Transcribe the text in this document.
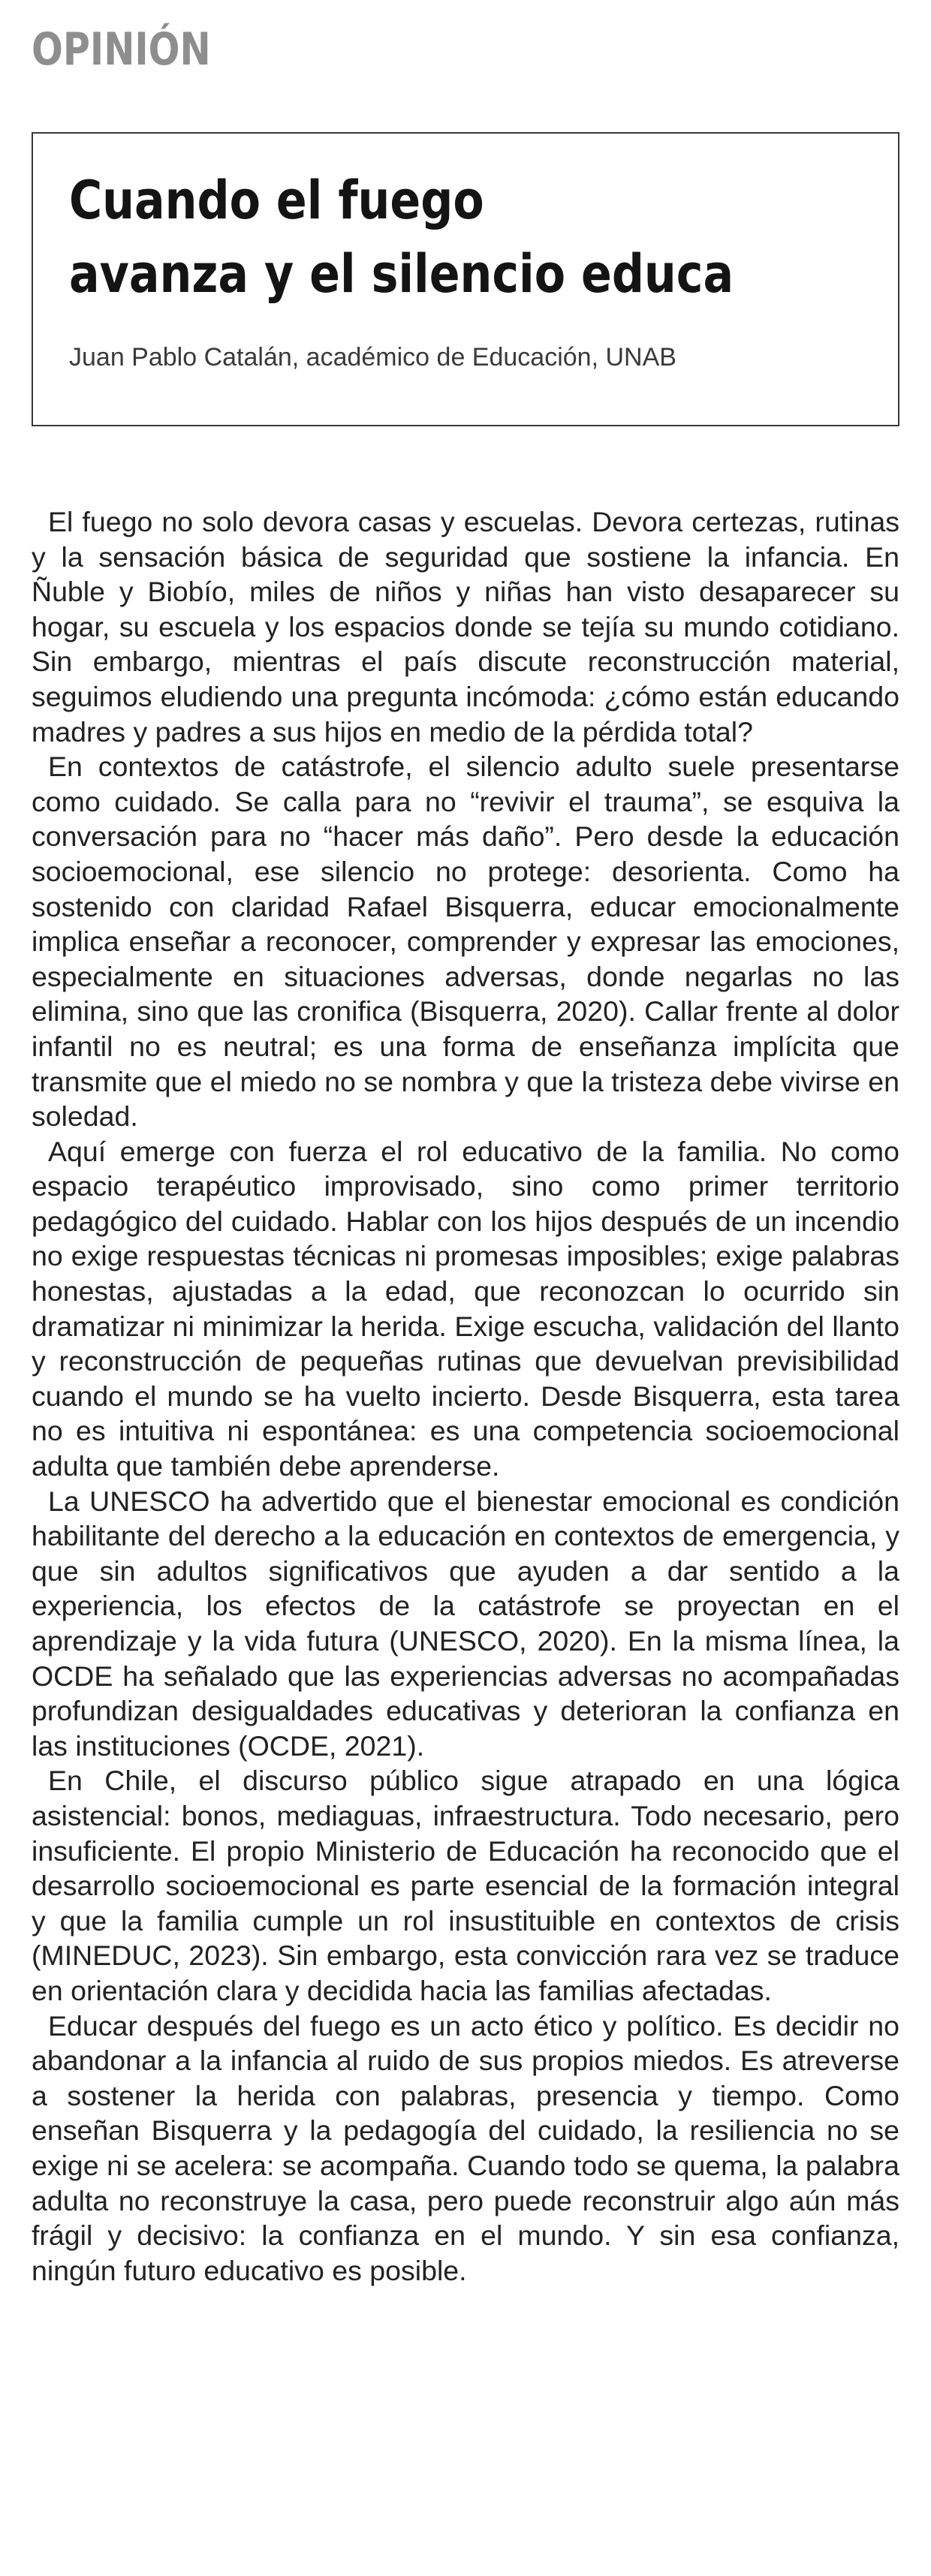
OPINIÓN
Cuando el fuego
avanza y el silencio educa

Juan Pablo Catalán, académico de Educación, UNAB

El fuego no solo devora casas y escuelas. Devora certezas, rutinas y la sensación básica de seguridad que sostiene la infancia. En Ñuble y Biobío, miles de niños y niñas han visto desaparecer su hogar, su escuela y los espacios donde se tejía su mundo cotidiano. Sin embargo, mientras el país discute reconstrucción material, seguimos eludiendo una pregunta incómoda: ¿cómo están educando madres y padres a sus hijos en medio de la pérdida total?

En contextos de catástrofe, el silencio adulto suele presentarse como cuidado. Se calla para no “revivir el trauma”, se esquiva la conversación para no “hacer más daño”. Pero desde la educación socioemocional, ese silencio no protege: desorienta. Como ha sostenido con claridad Rafael Bisquerra, educar emocionalmente implica enseñar a reconocer, comprender y expresar las emociones, especialmente en situaciones adversas, donde negarlas no las elimina, sino que las cronifica (Bisquerra, 2020). Callar frente al dolor infantil no es neutral; es una forma de enseñanza implícita que transmite que el miedo no se nombra y que la tristeza debe vivirse en soledad.

Aquí emerge con fuerza el rol educativo de la familia. No como espacio terapéutico improvisado, sino como primer territorio pedagógico del cuidado. Hablar con los hijos después de un incendio no exige respuestas técnicas ni promesas imposibles; exige palabras honestas, ajustadas a la edad, que reconozcan lo ocurrido sin dramatizar ni minimizar la herida. Exige escucha, validación del llanto y reconstrucción de pequeñas rutinas que devuelvan previsibilidad cuando el mundo se ha vuelto incierto. Desde Bisquerra, esta tarea no es intuitiva ni espontánea: es una competencia socioemocional adulta que también debe aprenderse.

La UNESCO ha advertido que el bienestar emocional es condición habilitante del derecho a la educación en contextos de emergencia, y que sin adultos significativos que ayuden a dar sentido a la experiencia, los efectos de la catástrofe se proyectan en el aprendizaje y la vida futura (UNESCO, 2020). En la misma línea, la OCDE ha señalado que las experiencias adversas no acompañadas profundizan desigualdades educativas y deterioran la confianza en las instituciones (OCDE, 2021).

En Chile, el discurso público sigue atrapado en una lógica asistencial: bonos, mediaguas, infraestructura. Todo necesario, pero insuficiente. El propio Ministerio de Educación ha reconocido que el desarrollo socioemocional es parte esencial de la formación integral y que la familia cumple un rol insustituible en contextos de crisis (MINEDUC, 2023). Sin embargo, esta convicción rara vez se traduce en orientación clara y decidida hacia las familias afectadas.

Educar después del fuego es un acto ético y político. Es decidir no abandonar a la infancia al ruido de sus propios miedos. Es atreverse a sostener la herida con palabras, presencia y tiempo. Como enseñan Bisquerra y la pedagogía del cuidado, la resiliencia no se exige ni se acelera: se acompaña. Cuando todo se quema, la palabra adulta no reconstruye la casa, pero puede reconstruir algo aún más frágil y decisivo: la confianza en el mundo. Y sin esa confianza, ningún futuro educativo es posible.
